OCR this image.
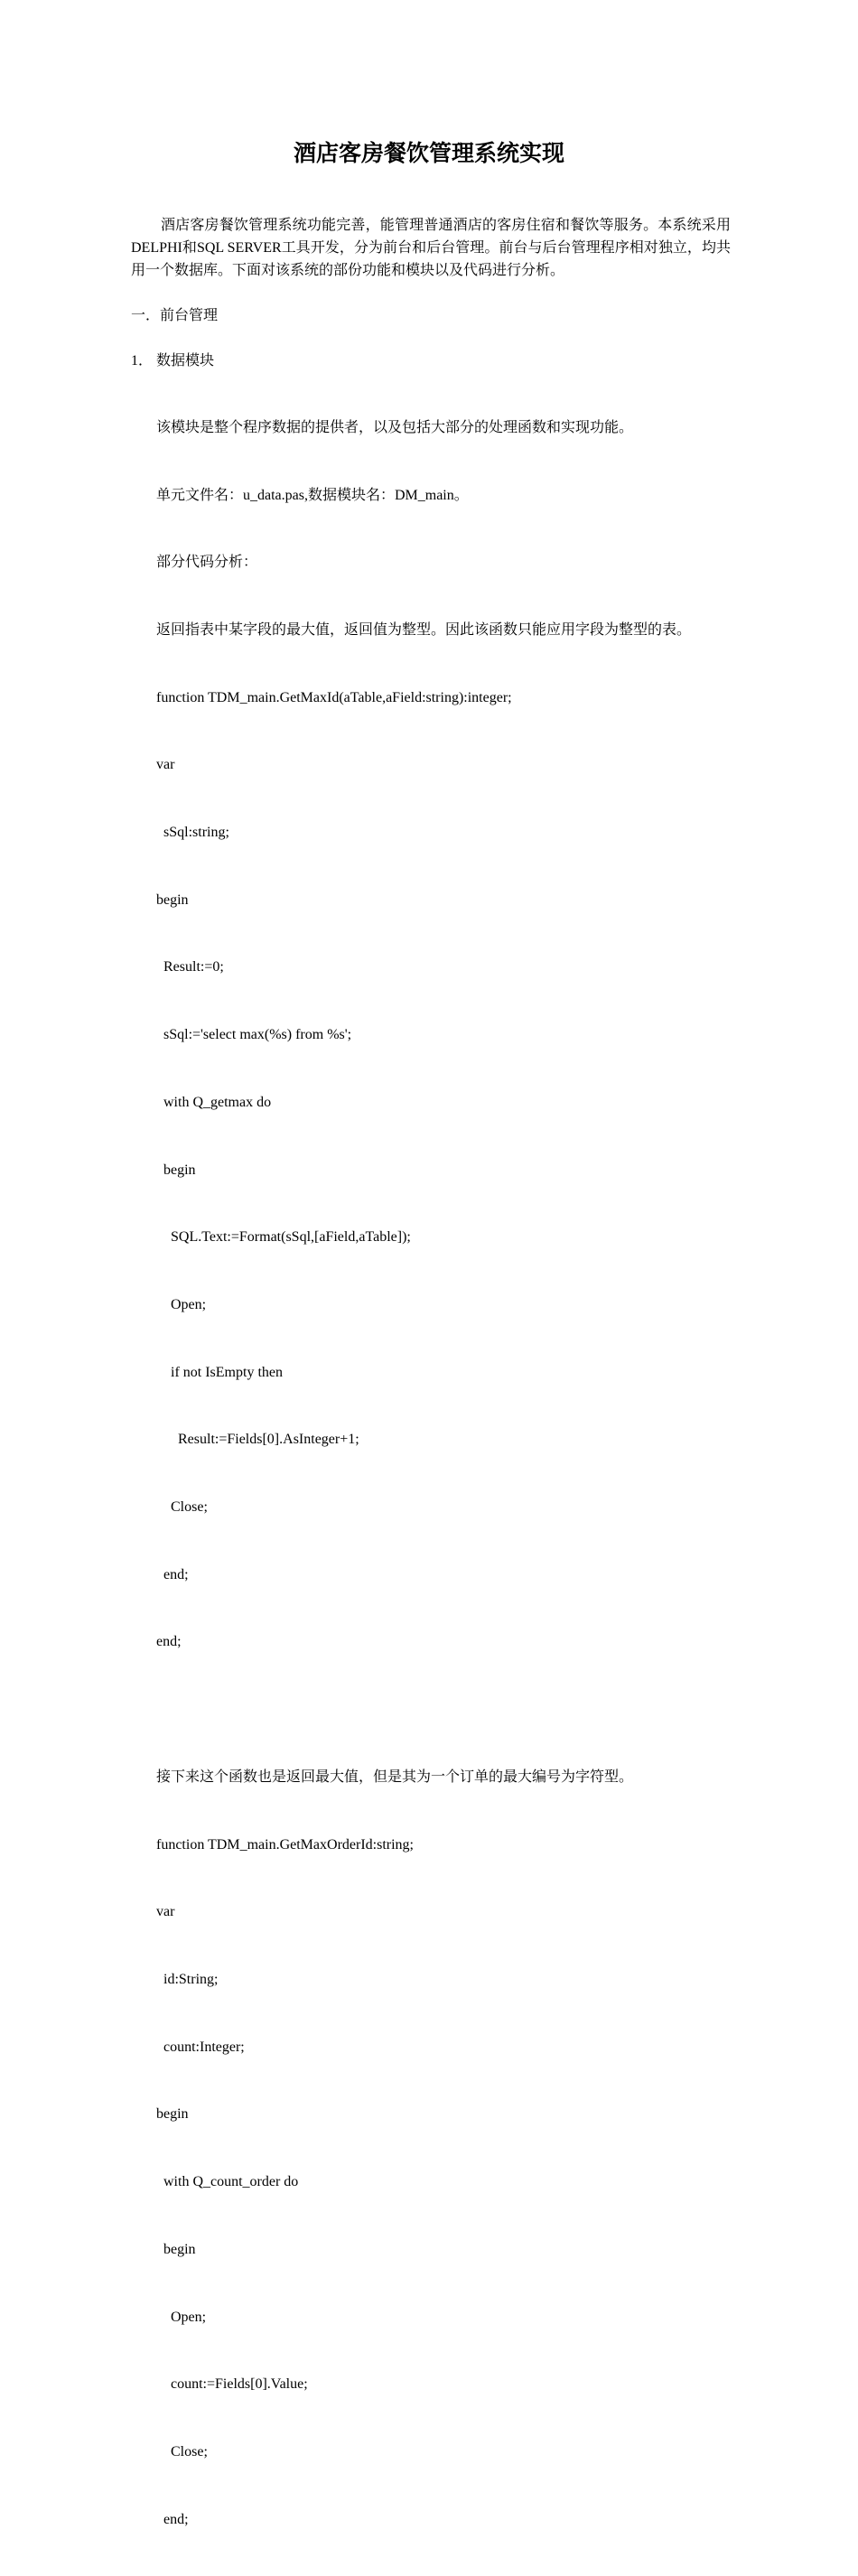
酒店客房餐饮管理系统实现
酒店客房餐饮管理系统功能完善，能管理普通酒店的客房住宿和餐饮等服务。本系统采用DELPHI和SQL SERVER工具开发，分为前台和后台管理。前台与后台管理程序相对独立，均共用一个数据库。下面对该系统的部份功能和模块以及代码进行分析。
一．前台管理
1． 数据模块

该模块是整个程序数据的提供者，以及包括大部分的处理函数和实现功能。

单元文件名：u_data.pas,数据模块名：DM_main。

部分代码分析：

返回指表中某字段的最大值，返回值为整型。因此该函数只能应用字段为整型的表。

function TDM_main.GetMaxId(aTable,aField:string):integer;

var

sSql:string;

begin

Result:=0;

sSql:='select max(%s) from %s';

with Q_getmax do

begin

SQL.Text:=Format(sSql,[aField,aTable]);

Open;

if not IsEmpty then

Result:=Fields[0].AsInteger+1;

Close;

end;

end;

接下来这个函数也是返回最大值，但是其为一个订单的最大编号为字符型。

function TDM_main.GetMaxOrderId:string;

var

id:String;

count:Integer;

begin

with Q_count_order do

begin

Open;

count:=Fields[0].Value;

Close;

end;
